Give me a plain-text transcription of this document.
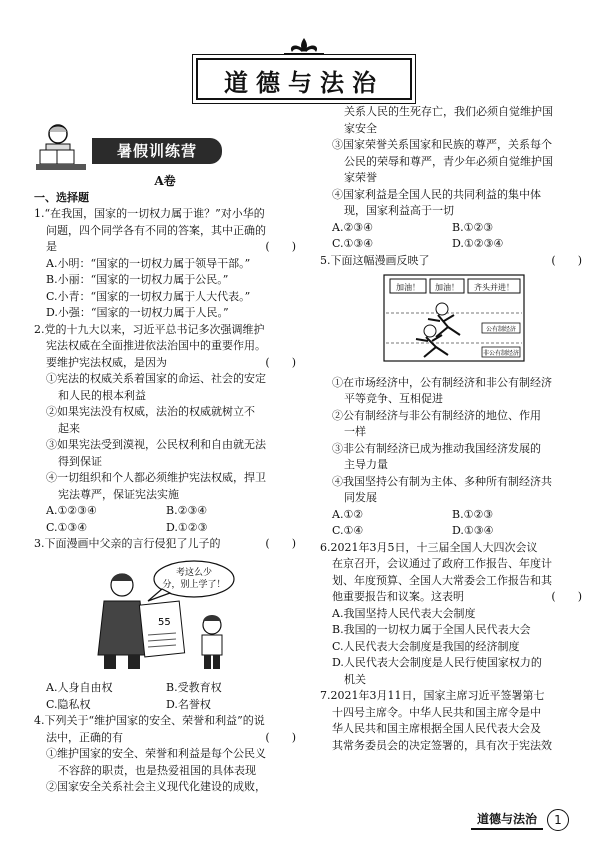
道德与法治
暑假训练营
A卷
一、选择题
1.“在我国，国家的一切权力属于谁？”对小华的
问题，四个同学各有不同的答案，其中正确的
是	(　　)
A.小明：“国家的一切权力属于领导干部。”
B.小丽：“国家的一切权力属于公民。”
C.小青：“国家的一切权力属于人大代表。”
D.小强：“国家的一切权力属于人民。”
2.党的十九大以来，习近平总书记多次强调维护
宪法权威在全面推进依法治国中的重要作用。
要维护宪法权威，是因为	(　　)
①宪法的权威关系着国家的命运、社会的安定
和人民的根本利益
②如果宪法没有权威，法治的权威就树立不
起来
③如果宪法受到漠视，公民权利和自由就无法
得到保证
④一切组织和个人都必须维护宪法权威，捍卫
宪法尊严，保证宪法实施
A.①②③④	B.②③④
C.①③④	D.①②③
3.下面漫画中父亲的言行侵犯了儿子的	(　　)
考这么少
分，别上学了！
55
A.人身自由权	B.受教育权
C.隐私权	D.名誉权
4.下列关于“维护国家的安全、荣誉和利益”的说
法中，正确的有	(　　)
①维护国家的安全、荣誉和利益是每个公民义
不容辞的职责，也是热爱祖国的具体表现
②国家安全关系社会主义现代化建设的成败，
关系人民的生死存亡，我们必须自觉维护国
家安全
③国家荣誉关系国家和民族的尊严，关系每个
公民的荣辱和尊严，青少年必须自觉维护国
家荣誉
④国家利益是全国人民的共同利益的集中体
现，国家利益高于一切
A.②③④	B.①②③
C.①③④	D.①②③④
5.下面这幅漫画反映了	(　　)
加油！ 加油！ 齐头并进！
公有制经济
非公有制经济
①在市场经济中，公有制经济和非公有制经济
平等竞争、互相促进
②公有制经济与非公有制经济的地位、作用
一样
③非公有制经济已成为推动我国经济发展的
主导力量
④我国坚持公有制为主体、多种所有制经济共
同发展
A.①②	B.①②③
C.①④	D.①③④
6.2021年3月5日，十三届全国人大四次会议
在京召开，会议通过了政府工作报告、年度计
划、年度预算、全国人大常委会工作报告和其
他重要报告和议案。这表明	(　　)
A.我国坚持人民代表大会制度
B.我国的一切权力属于全国人民代表大会
C.人民代表大会制度是我国的经济制度
D.人民代表大会制度是人民行使国家权力的
机关
7.2021年3月11日，国家主席习近平签署第七
十四号主席令。中华人民共和国主席令是中
华人民共和国主席根据全国人民代表大会及
其常务委员会的决定签署的，具有次于宪法效
道德与法治	1
